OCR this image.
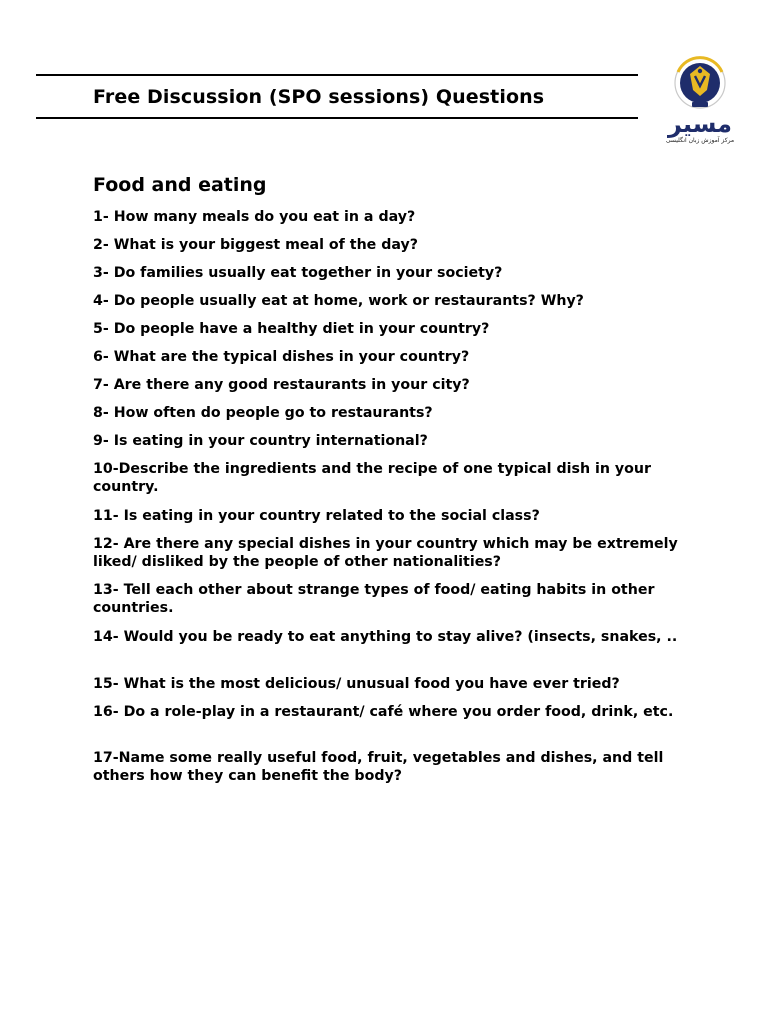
Free Discussion (SPO sessions) Questions
مسیر
مرکز آموزش زبان انگلیسی
Food and eating

1- How many meals do you eat in a day?

2- What is your biggest meal of the day?

3- Do families usually eat together in your society?

4- Do people usually eat at home, work or restaurants? Why?

5- Do people have a healthy diet in your country?

6- What are the typical dishes in your country?

7- Are there any good restaurants in your city?

8- How often do people go to restaurants?

9- Is eating in your country international?

10-Describe the ingredients and the recipe of one typical dish in your country.

11- Is eating in your country related to the social class?

12- Are there any special dishes in your country which may be extremely liked/ disliked by the people of other nationalities?

13- Tell each other about strange types of food/ eating habits in other countries.

14- Would you be ready to eat anything to stay alive? (insects, snakes, ..

15- What is the most delicious/ unusual food you have ever tried?

16- Do a role-play in a restaurant/ café where you order food, drink, etc.

17-Name some really useful food, fruit, vegetables and dishes, and tell others how they can benefit the body?
